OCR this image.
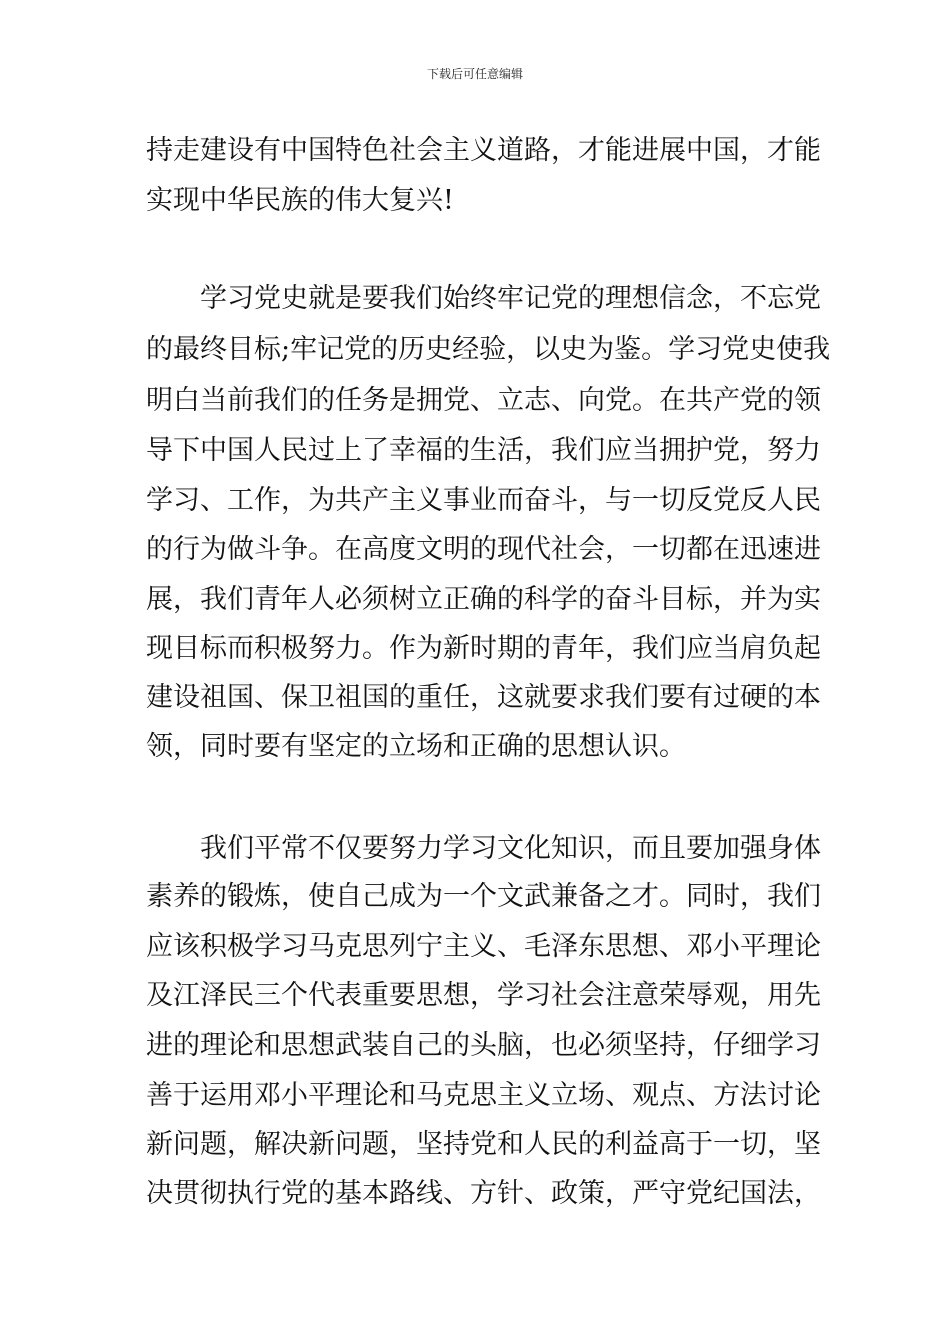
下载后可任意编辑
持走建设有中国特色社会主义道路，才能进展中国，才能
实现中华民族的伟大复兴!
　　学习党史就是要我们始终牢记党的理想信念，不忘党
的最终目标;牢记党的历史经验，以史为鉴。学习党史使我
明白当前我们的任务是拥党、立志、向党。在共产党的领
导下中国人民过上了幸福的生活，我们应当拥护党，努力
学习、工作，为共产主义事业而奋斗，与一切反党反人民
的行为做斗争。在高度文明的现代社会，一切都在迅速进
展，我们青年人必须树立正确的科学的奋斗目标，并为实
现目标而积极努力。作为新时期的青年，我们应当肩负起
建设祖国、保卫祖国的重任，这就要求我们要有过硬的本
领，同时要有坚定的立场和正确的思想认识。
　　我们平常不仅要努力学习文化知识，而且要加强身体
素养的锻炼，使自己成为一个文武兼备之才。同时，我们
应该积极学习马克思列宁主义、毛泽东思想、邓小平理论
及江泽民三个代表重要思想，学习社会注意荣辱观，用先
进的理论和思想武装自己的头脑，也必须坚持，仔细学习
善于运用邓小平理论和马克思主义立场、观点、方法讨论
新问题，解决新问题，坚持党和人民的利益高于一切，坚
决贯彻执行党的基本路线、方针、政策，严守党纪国法，
